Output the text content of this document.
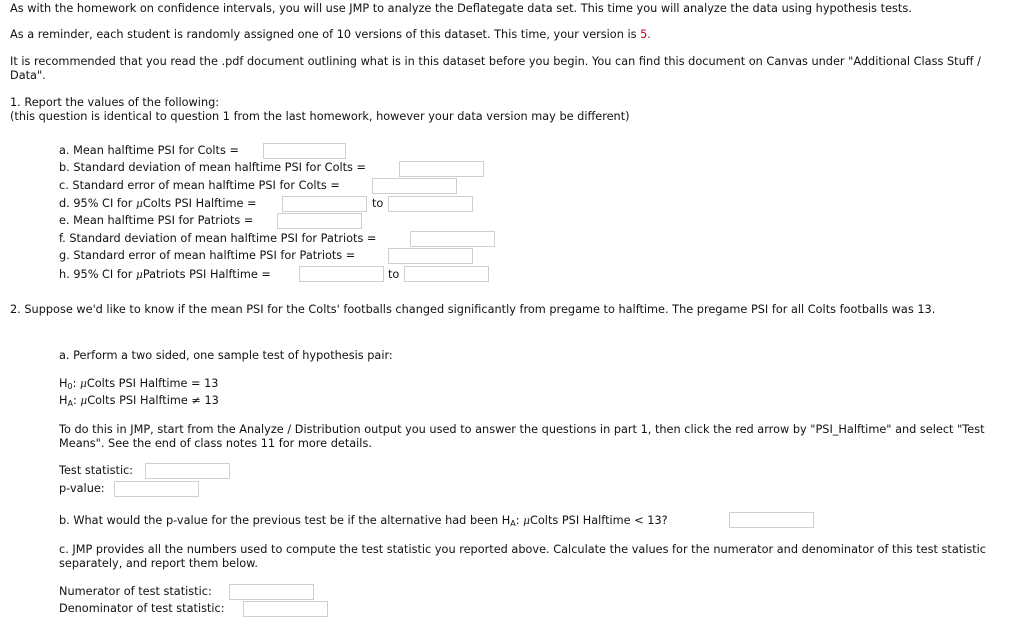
As with the homework on confidence intervals, you will use JMP to analyze the Deflategate data set. This time you will analyze the data using hypothesis tests.
As a reminder, each student is randomly assigned one of 10 versions of this dataset. This time, your version is 5.
It is recommended that you read the .pdf document outlining what is in this dataset before you begin. You can find this document on Canvas under "Additional Class Stuff / Data".
1. Report the values of the following:
(this question is identical to question 1 from the last homework, however your data version may be different)
a. Mean halftime PSI for Colts =
b. Standard deviation of mean halftime PSI for Colts =
c. Standard error of mean halftime PSI for Colts =
d. 95% CI for μColts PSI Halftime =	to
e. Mean halftime PSI for Patriots =
f. Standard deviation of mean halftime PSI for Patriots =
g. Standard error of mean halftime PSI for Patriots =
h. 95% CI for μPatriots PSI Halftime =	to
2. Suppose we'd like to know if the mean PSI for the Colts' footballs changed significantly from pregame to halftime. The pregame PSI for all Colts footballs was 13.
a. Perform a two sided, one sample test of hypothesis pair:
$H_0$: μColts PSI Halftime = 13
$H_A$: μColts PSI Halftime ≠ 13
To do this in JMP, start from the Analyze / Distribution output you used to answer the questions in part 1, then click the red arrow by "PSI_Halftime" and select "Test Means". See the end of class notes 11 for more details.
Test statistic:
p-value:
b. What would the p-value for the previous test be if the alternative had been $H_A$: μColts PSI Halftime < 13?
c. JMP provides all the numbers used to compute the test statistic you reported above. Calculate the values for the numerator and denominator of this test statistic separately, and report them below.
Numerator of test statistic:
Denominator of test statistic:
